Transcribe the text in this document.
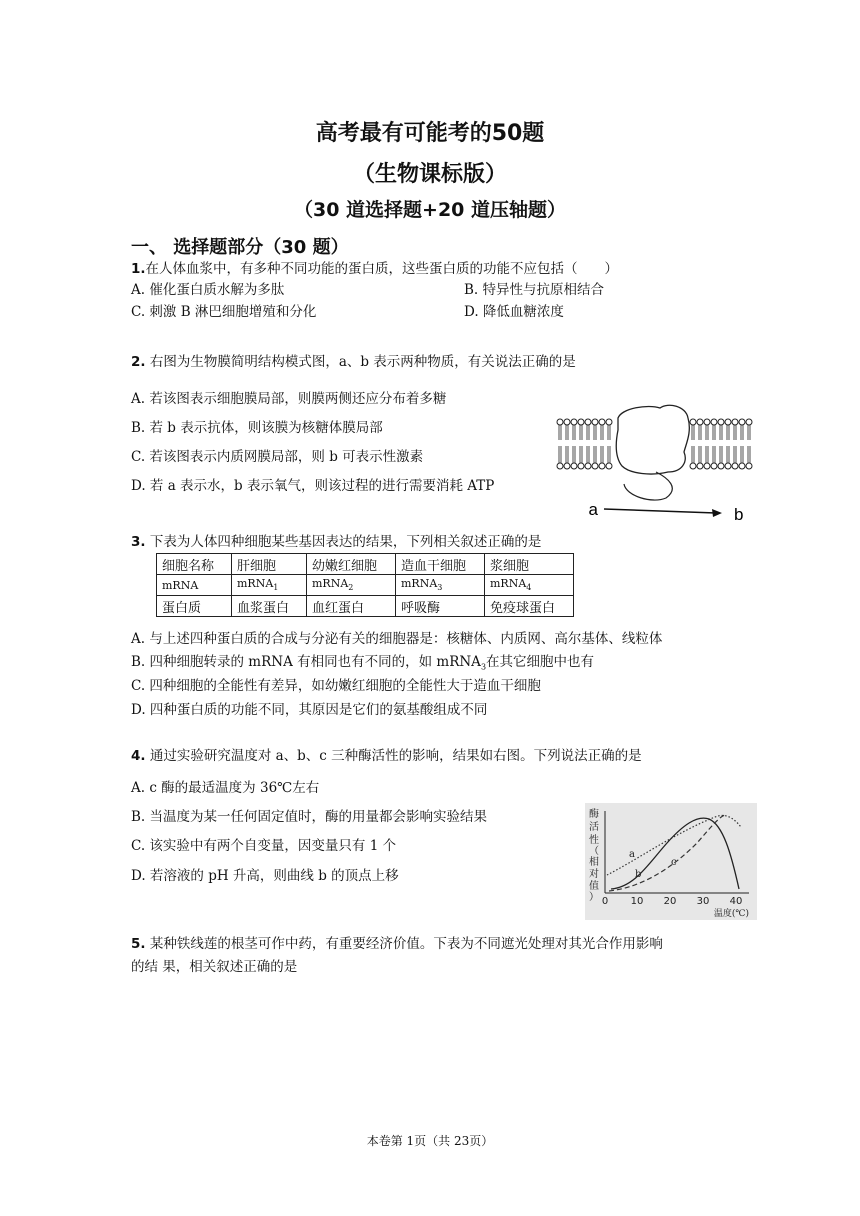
高考最有可能考的50题
（生物课标版）
（30 道选择题+20 道压轴题）
一、 选择题部分（30 题）
1.在人体血浆中，有多种不同功能的蛋白质，这些蛋白质的功能不应包括（　　）
A. 催化蛋白质水解为多肽	B. 特异性与抗原相结合
C. 刺激 B 淋巴细胞增殖和分化	D. 降低血糖浓度
2. 右图为生物膜简明结构模式图，a、b 表示两种物质，有关说法正确的是
A. 若该图表示细胞膜局部，则膜两侧还应分布着多糖
B. 若 b 表示抗体，则该膜为核糖体膜局部
C. 若该图表示内质网膜局部，则 b 可表示性激素
D. 若 a 表示水，b 表示氧气，则该过程的进行需要消耗 ATP
a	b
3. 下表为人体四种细胞某些基因表达的结果，下列相关叙述正确的是
细胞名称	肝细胞	幼嫩红细胞	造血干细胞	浆细胞
mRNA	mRNA$_1$	mRNA$_2$	mRNA$_3$	mRNA$_4$
蛋白质	血浆蛋白	血红蛋白	呼吸酶	免疫球蛋白
A. 与上述四种蛋白质的合成与分泌有关的细胞器是：核糖体、内质网、高尔基体、线粒体
B. 四种细胞转录的 mRNA 有相同也有不同的，如 mRNA$_3$在其它细胞中也有
C. 四种细胞的全能性有差异，如幼嫩红细胞的全能性大于造血干细胞
D. 四种蛋白质的功能不同，其原因是它们的氨基酸组成不同
4. 通过实验研究温度对 a、b、c 三种酶活性的影响，结果如右图。下列说法正确的是
A. c 酶的最适温度为 36℃左右
B. 当温度为某一任何固定值时，酶的用量都会影响实验结果
C. 该实验中有两个自变量，因变量只有 1 个
D. 若溶液的 pH 升高，则曲线 b 的顶点上移
酶
活
性
（
相
对
值
） 0 10 20 30 40
温度(℃)
a
b
c
5. 某种铁线莲的根茎可作中药，有重要经济价值。下表为不同遮光处理对其光合作用影响
的结 果，相关叙述正确的是
本卷第 1页（共 23页）
